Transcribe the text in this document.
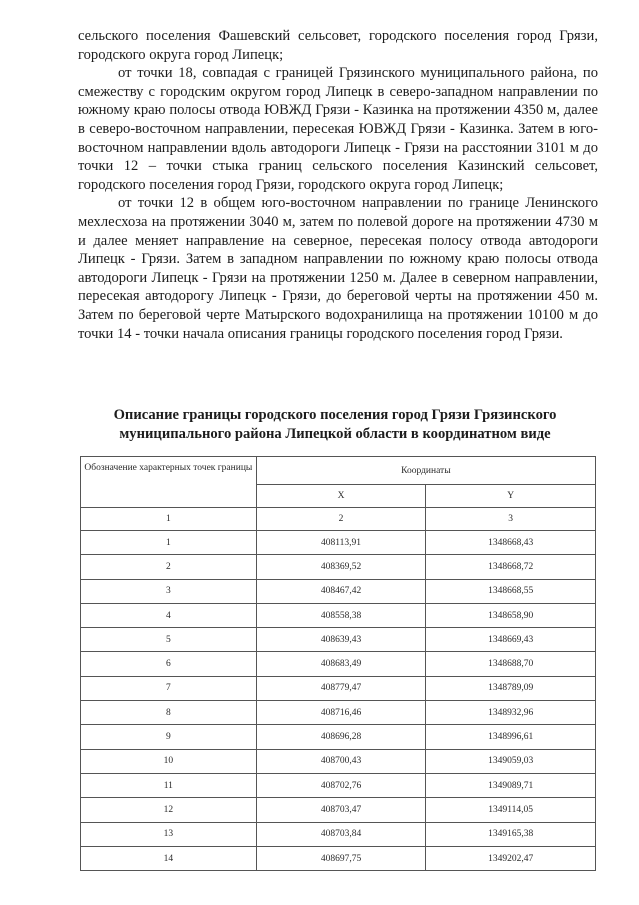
сельского поселения Фашевский сельсовет, городского поселения город Грязи, городского округа город Липецк;

от точки 18, совпадая с границей Грязинского муниципального района, по смежеству с городским округом город Липецк в северо-западном направлении по южному краю полосы отвода ЮВЖД Грязи - Казинка на протяжении 4350 м, далее в северо-восточном направлении, пересекая ЮВЖД Грязи - Казинка. Затем в юго-восточном направлении вдоль автодороги Липецк - Грязи на расстоянии 3101 м до точки 12 – точки стыка границ сельского поселения Казинский сельсовет, городского поселения город Грязи, городского округа город Липецк;

от точки 12 в общем юго-восточном направлении по границе Ленинского мехлесхоза на протяжении 3040 м, затем по полевой дороге на протяжении 4730 м и далее меняет направление на северное, пересекая полосу отвода автодороги Липецк - Грязи. Затем в западном направлении по южному краю полосы отвода автодороги Липецк - Грязи на протяжении 1250 м. Далее в северном направлении, пересекая автодорогу Липецк - Грязи, до береговой черты на протяжении 450 м. Затем по береговой черте Матырского водохранилища на протяжении 10100 м до точки 14 - точки начала описания границы городского поселения город Грязи.

Описание границы городского поселения город Грязи Грязинского
муниципального района Липецкой области в координатном виде
Обозначение характерных точек границы	Координаты	
	X	Y
1	2	3
1	408113,91	1348668,43
2	408369,52	1348668,72
3	408467,42	1348668,55
4	408558,38	1348658,90
5	408639,43	1348669,43
6	408683,49	1348688,70
7	408779,47	1348789,09
8	408716,46	1348932,96
9	408696,28	1348996,61
10	408700,43	1349059,03
11	408702,76	1349089,71
12	408703,47	1349114,05
13	408703,84	1349165,38
14	408697,75	1349202,47
